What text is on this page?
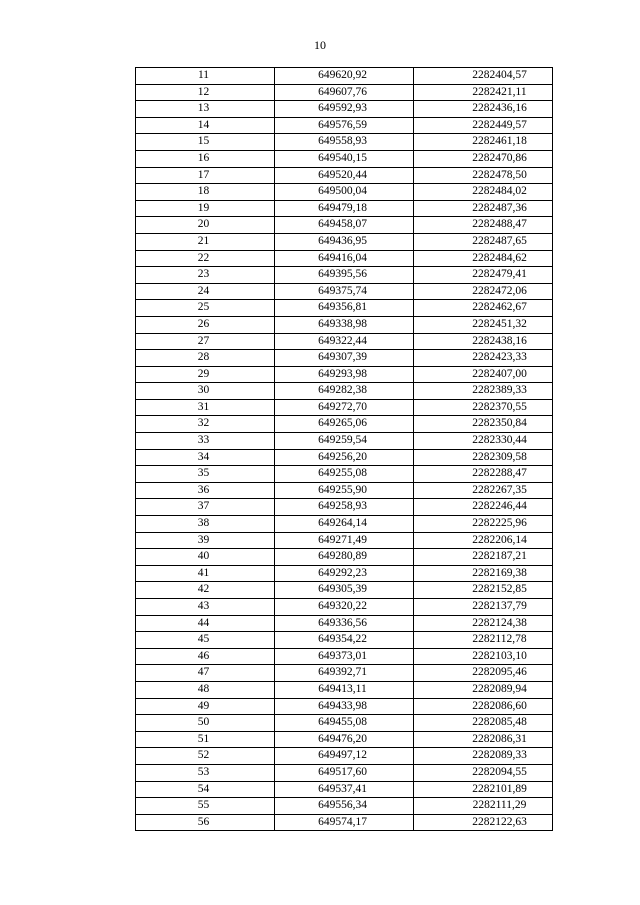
10
11	649620,92	2282404,57
12	649607,76	2282421,11
13	649592,93	2282436,16
14	649576,59	2282449,57
15	649558,93	2282461,18
16	649540,15	2282470,86
17	649520,44	2282478,50
18	649500,04	2282484,02
19	649479,18	2282487,36
20	649458,07	2282488,47
21	649436,95	2282487,65
22	649416,04	2282484,62
23	649395,56	2282479,41
24	649375,74	2282472,06
25	649356,81	2282462,67
26	649338,98	2282451,32
27	649322,44	2282438,16
28	649307,39	2282423,33
29	649293,98	2282407,00
30	649282,38	2282389,33
31	649272,70	2282370,55
32	649265,06	2282350,84
33	649259,54	2282330,44
34	649256,20	2282309,58
35	649255,08	2282288,47
36	649255,90	2282267,35
37	649258,93	2282246,44
38	649264,14	2282225,96
39	649271,49	2282206,14
40	649280,89	2282187,21
41	649292,23	2282169,38
42	649305,39	2282152,85
43	649320,22	2282137,79
44	649336,56	2282124,38
45	649354,22	2282112,78
46	649373,01	2282103,10
47	649392,71	2282095,46
48	649413,11	2282089,94
49	649433,98	2282086,60
50	649455,08	2282085,48
51	649476,20	2282086,31
52	649497,12	2282089,33
53	649517,60	2282094,55
54	649537,41	2282101,89
55	649556,34	2282111,29
56	649574,17	2282122,63
